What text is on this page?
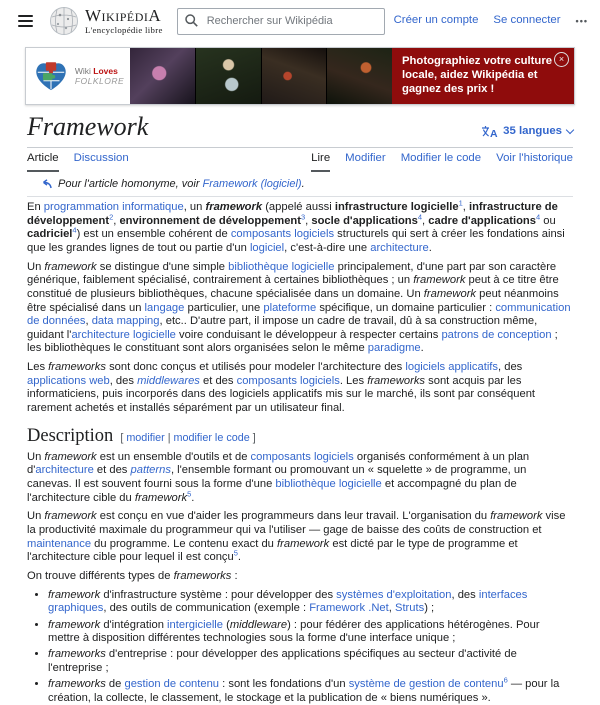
WikipédiA
L'encyclopédie libre
Rechercher sur Wikipédia
Créer un compte Se connecter •••
Wiki Loves
FOLKLORE
Photographiez votre culture locale, aidez Wikipédia et gagnez des prix !
×
Framework	A 35 langues
Article Discussion	Lire Modifier Modifier le code Voir l'historique
Pour l'article homonyme, voir Framework (logiciel).

En programmation informatique, un framework (appelé aussi infrastructure logicielle$^1$, infrastructure de développement$^2$, environnement de développement$^3$, socle d'applications$^4$, cadre d'applications$^4$ ou cadriciel$^4$) est un ensemble cohérent de composants logiciels structurels qui sert à créer les fondations ainsi que les grandes lignes de tout ou partie d'un logiciel, c'est-à-dire une architecture.

Un framework se distingue d'une simple bibliothèque logicielle principalement, d'une part par son caractère générique, faiblement spécialisé, contrairement à certaines bibliothèques ; un framework peut à ce titre être constitué de plusieurs bibliothèques, chacune spécialisée dans un domaine. Un framework peut néanmoins être spécialisé dans un langage particulier, une plateforme spécifique, un domaine particulier : communication de données, data mapping, etc.. D'autre part, il impose un cadre de travail, dû à sa construction même, guidant l'architecture logicielle voire conduisant le développeur à respecter certains patrons de conception ; les bibliothèques le constituant sont alors organisées selon le même paradigme.

Les frameworks sont donc conçus et utilisés pour modeler l'architecture des logiciels applicatifs, des applications web, des middlewares et des composants logiciels. Les frameworks sont acquis par les informaticiens, puis incorporés dans des logiciels applicatifs mis sur le marché, ils sont par conséquent rarement achetés et installés séparément par un utilisateur final.

Description [ modifier | modifier le code ]

Un framework est un ensemble d'outils et de composants logiciels organisés conformément à un plan d'architecture et des patterns, l'ensemble formant ou promouvant un « squelette » de programme, un canevas. Il est souvent fourni sous la forme d'une bibliothèque logicielle et accompagné du plan de l'architecture cible du framework$^5$.

Un framework est conçu en vue d'aider les programmeurs dans leur travail. L'organisation du framework vise la productivité maximale du programmeur qui va l'utiliser — gage de baisse des coûts de construction et maintenance du programme. Le contenu exact du framework est dicté par le type de programme et l'architecture cible pour lequel il est conçu$^5$.

On trouve différents types de frameworks :

• framework d'infrastructure système : pour développer des systèmes d'exploitation, des interfaces graphiques, des outils de communication (exemple : Framework .Net, Struts) ;
• framework d'intégration intergicielle (middleware) : pour fédérer des applications hétérogènes. Pour mettre à disposition différentes technologies sous la forme d'une interface unique ;
• frameworks d'entreprise : pour développer des applications spécifiques au secteur d'activité de l'entreprise ;
• frameworks de gestion de contenu : sont les fondations d'un système de gestion de contenu$^6$ — pour la création, la collecte, le classement, le stockage et la publication de « biens numériques ».
